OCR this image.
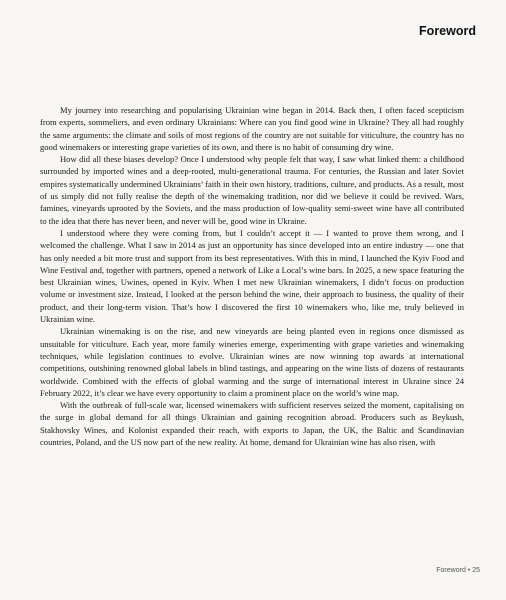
Foreword

My journey into researching and popularising Ukrainian wine began in 2014. Back then, I often faced scepticism from experts, sommeliers, and even ordinary Ukrainians: Where can you find good wine in Ukraine? They all had roughly the same arguments: the climate and soils of most regions of the country are not suitable for viticulture, the country has no good winemakers or interesting grape varieties of its own, and there is no habit of consuming dry wine.

How did all these biases develop? Once I understood why people felt that way, I saw what linked them: a childhood surrounded by imported wines and a deep-rooted, multi-generational trauma. For centuries, the Russian and later Soviet empires systematically undermined Ukrainians’ faith in their own history, traditions, culture, and products. As a result, most of us simply did not fully realise the depth of the winemaking tradition, nor did we believe it could be revived. Wars, famines, vineyards uprooted by the Soviets, and the mass production of low-quality semi-sweet wine have all contributed to the idea that there has never been, and never will be, good wine in Ukraine.

I understood where they were coming from, but I couldn’t accept it — I wanted to prove them wrong, and I welcomed the challenge. What I saw in 2014 as just an opportunity has since developed into an entire industry — one that has only needed a bit more trust and support from its best representatives. With this in mind, I launched the Kyiv Food and Wine Festival and, together with partners, opened a network of Like a Local’s wine bars. In 2025, a new space featuring the best Ukrainian wines, Uwines, opened in Kyiv. When I met new Ukrainian winemakers, I didn’t focus on production volume or investment size. Instead, I looked at the person behind the wine, their approach to business, the quality of their product, and their long-term vision. That’s how I discovered the first 10 winemakers who, like me, truly believed in Ukrainian wine.

Ukrainian winemaking is on the rise, and new vineyards are being planted even in regions once dismissed as unsuitable for viticulture. Each year, more family wineries emerge, experimenting with grape varieties and winemaking techniques, while legislation continues to evolve. Ukrainian wines are now winning top awards at international competitions, outshining renowned global labels in blind tastings, and appearing on the wine lists of dozens of restaurants worldwide. Combined with the effects of global warming and the surge of international interest in Ukraine since 24 February 2022, it’s clear we have every opportunity to claim a prominent place on the world’s wine map.

With the outbreak of full-scale war, licensed winemakers with sufficient reserves seized the moment, capitalising on the surge in global demand for all things Ukrainian and gaining recognition abroad. Producers such as Beykush, Stakhovsky Wines, and Kolonist expanded their reach, with exports to Japan, the UK, the Baltic and Scandinavian countries, Poland, and the US now part of the new reality. At home, demand for Ukrainian wine has also risen, with

Foreword • 25
